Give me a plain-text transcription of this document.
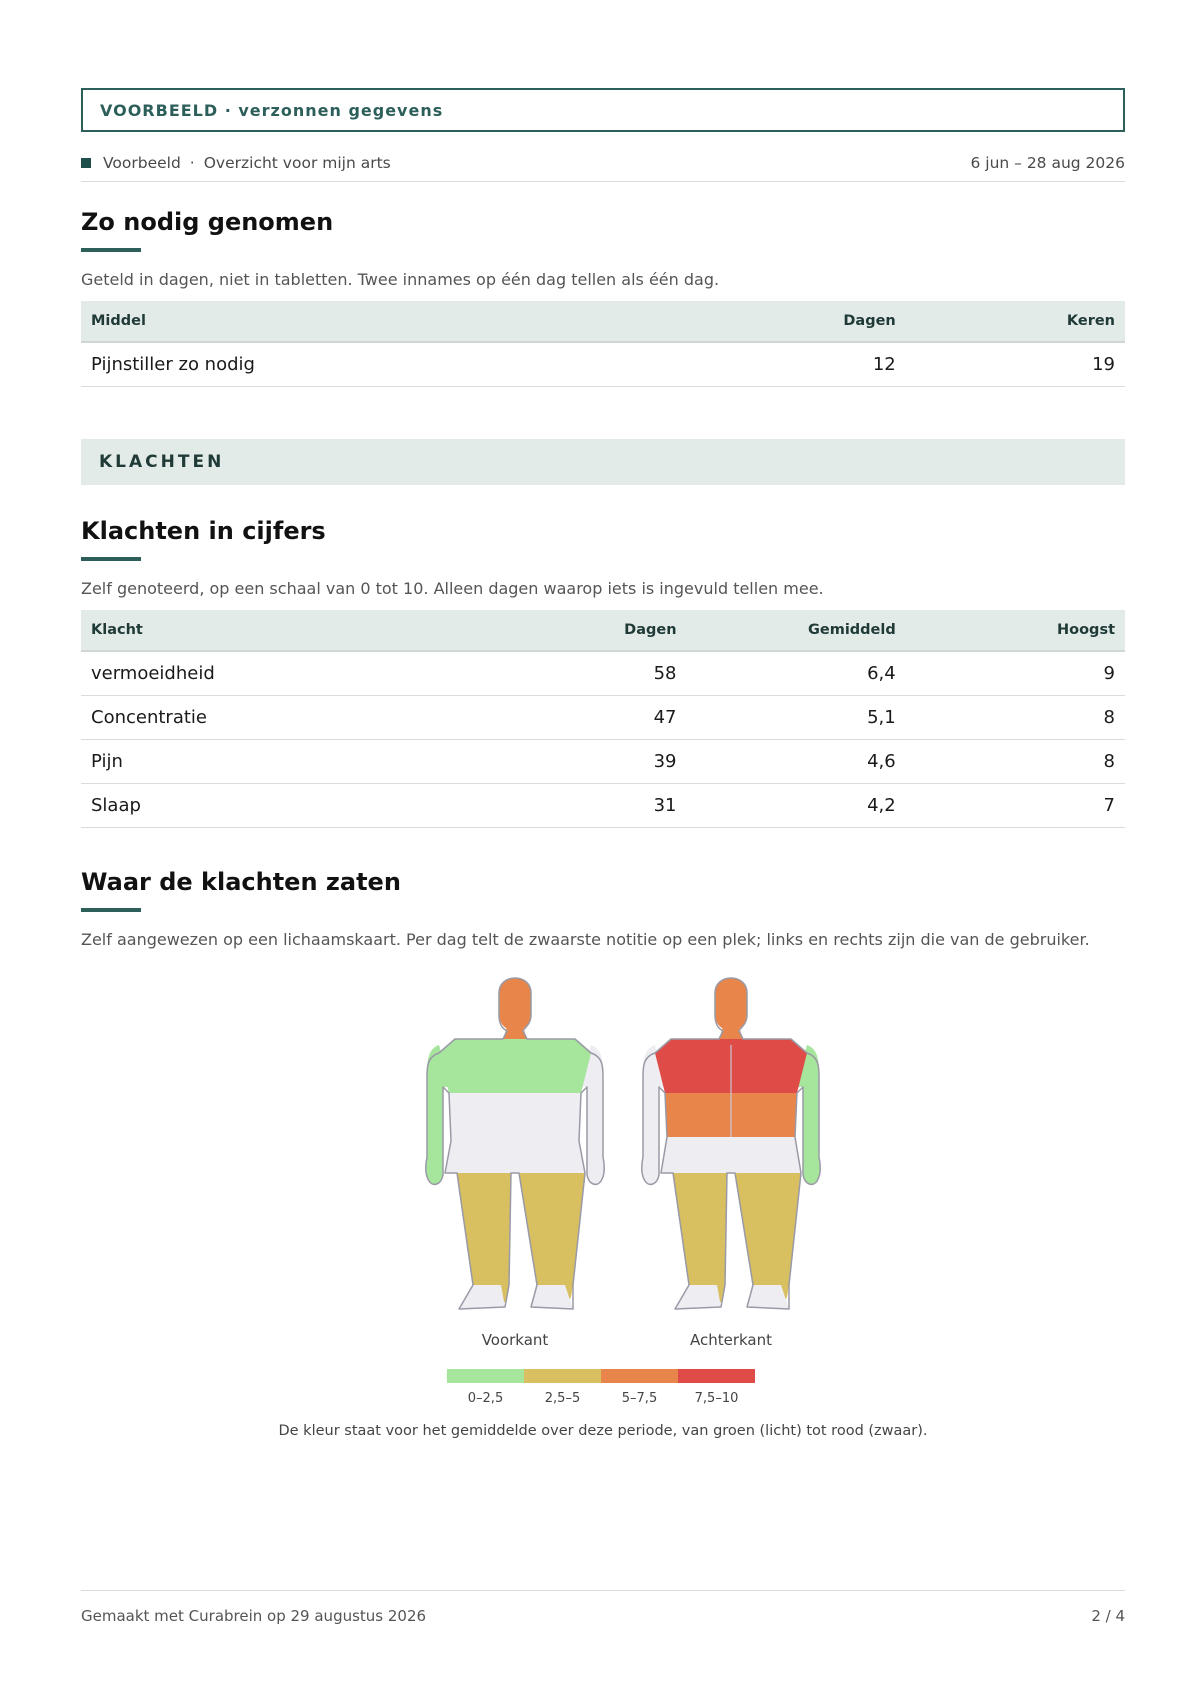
VOORBEELD · verzonnen gegevens
Voorbeeld · Overzicht voor mijn arts	6 jun – 28 aug 2026
Zo nodig genomen
Geteld in dagen, niet in tabletten. Twee innames op één dag tellen als één dag.
Middel	Dagen	Keren
Pijnstiller zo nodig	12	19
KLACHTEN
Klachten in cijfers
Zelf genoteerd, op een schaal van 0 tot 10. Alleen dagen waarop iets is ingevuld tellen mee.
Klacht	Dagen	Gemiddeld	Hoogst
vermoeidheid	58	6,4	9
Concentratie	47	5,1	8
Pijn	39	4,6	8
Slaap	31	4,2	7
Waar de klachten zaten
Zelf aangewezen op een lichaamskaart. Per dag telt de zwaarste notitie op een plek; links en rechts zijn die van de gebruiker.
Voorkant	Achterkant
0–2,5	2,5–5	5–7,5	7,5–10
De kleur staat voor het gemiddelde over deze periode, van groen (licht) tot rood (zwaar).
Gemaakt met Curabrein op 29 augustus 2026	2 / 4
